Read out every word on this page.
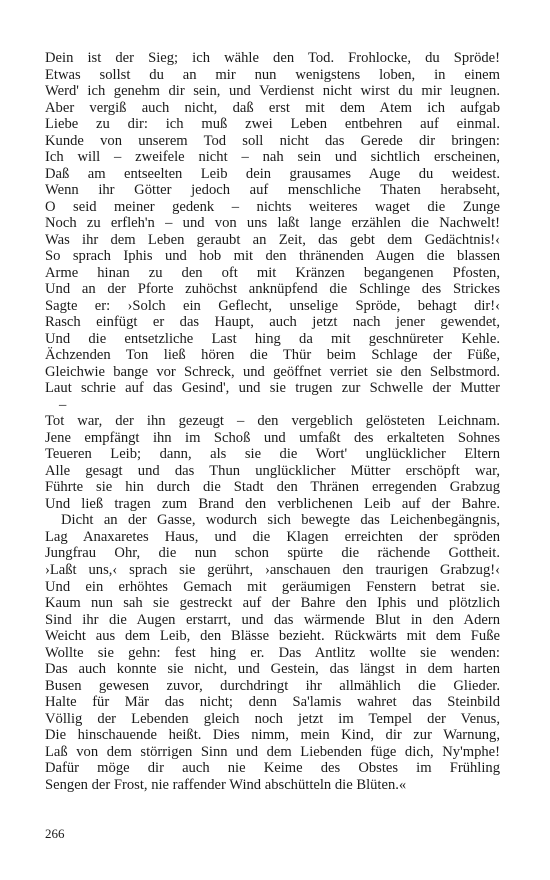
Dein ist der Sieg; ich wähle den Tod. Frohlocke, du Spröde!
Etwas sollst du an mir nun wenigstens loben, in einem
Werd' ich genehm dir sein, und Verdienst nicht wirst du mir leugnen.
Aber vergiß auch nicht, daß erst mit dem Atem ich aufgab
Liebe zu dir: ich muß zwei Leben entbehren auf einmal.
Kunde von unserem Tod soll nicht das Gerede dir bringen:
Ich will – zweifele nicht – nah sein und sichtlich erscheinen,
Daß am entseelten Leib dein grausames Auge du weidest.
Wenn ihr Götter jedoch auf menschliche Thaten herabseht,
O seid meiner gedenk – nichts weiteres waget die Zunge
Noch zu erfleh'n – und von uns laßt lange erzählen die Nachwelt!
Was ihr dem Leben geraubt an Zeit, das gebt dem Gedächtnis!‹
So sprach Iphis und hob mit den thränenden Augen die blassen
Arme hinan zu den oft mit Kränzen begangenen Pfosten,
Und an der Pforte zuhöchst anknüpfend die Schlinge des Strickes
Sagte er: ›Solch ein Geflecht, unselige Spröde, behagt dir!‹
Rasch einfügt er das Haupt, auch jetzt nach jener gewendet,
Und die entsetzliche Last hing da mit geschnüreter Kehle.
Ächzenden Ton ließ hören die Thür beim Schlage der Füße,
Gleichwie bange vor Schreck, und geöffnet verriet sie den Selbstmord.
Laut schrie auf das Gesind', und sie trugen zur Schwelle der Mutter
–
Tot war, der ihn gezeugt – den vergeblich gelösteten Leichnam.
Jene empfängt ihn im Schoß und umfaßt des erkalteten Sohnes
Teueren Leib; dann, als sie die Wort' unglücklicher Eltern
Alle gesagt und das Thun unglücklicher Mütter erschöpft war,
Führte sie hin durch die Stadt den Thränen erregenden Grabzug
Und ließ tragen zum Brand den verblichenen Leib auf der Bahre.
Dicht an der Gasse, wodurch sich bewegte das Leichenbegängnis,
Lag Anaxaretes Haus, und die Klagen erreichten der spröden
Jungfrau Ohr, die nun schon spürte die rächende Gottheit.
›Laßt uns,‹ sprach sie gerührt, ›anschauen den traurigen Grabzug!‹
Und ein erhöhtes Gemach mit geräumigen Fenstern betrat sie.
Kaum nun sah sie gestreckt auf der Bahre den Iphis und plötzlich
Sind ihr die Augen erstarrt, und das wärmende Blut in den Adern
Weicht aus dem Leib, den Blässe bezieht. Rückwärts mit dem Fuße
Wollte sie gehn: fest hing er. Das Antlitz wollte sie wenden:
Das auch konnte sie nicht, und Gestein, das längst in dem harten
Busen gewesen zuvor, durchdringt ihr allmählich die Glieder.
Halte für Mär das nicht; denn Sa'lamis wahret das Steinbild
Völlig der Lebenden gleich noch jetzt im Tempel der Venus,
Die hinschauende heißt. Dies nimm, mein Kind, dir zur Warnung,
Laß von dem störrigen Sinn und dem Liebenden füge dich, Ny'mphe!
Dafür möge dir auch nie Keime des Obstes im Frühling
Sengen der Frost, nie raffender Wind abschütteln die Blüten.«
266
